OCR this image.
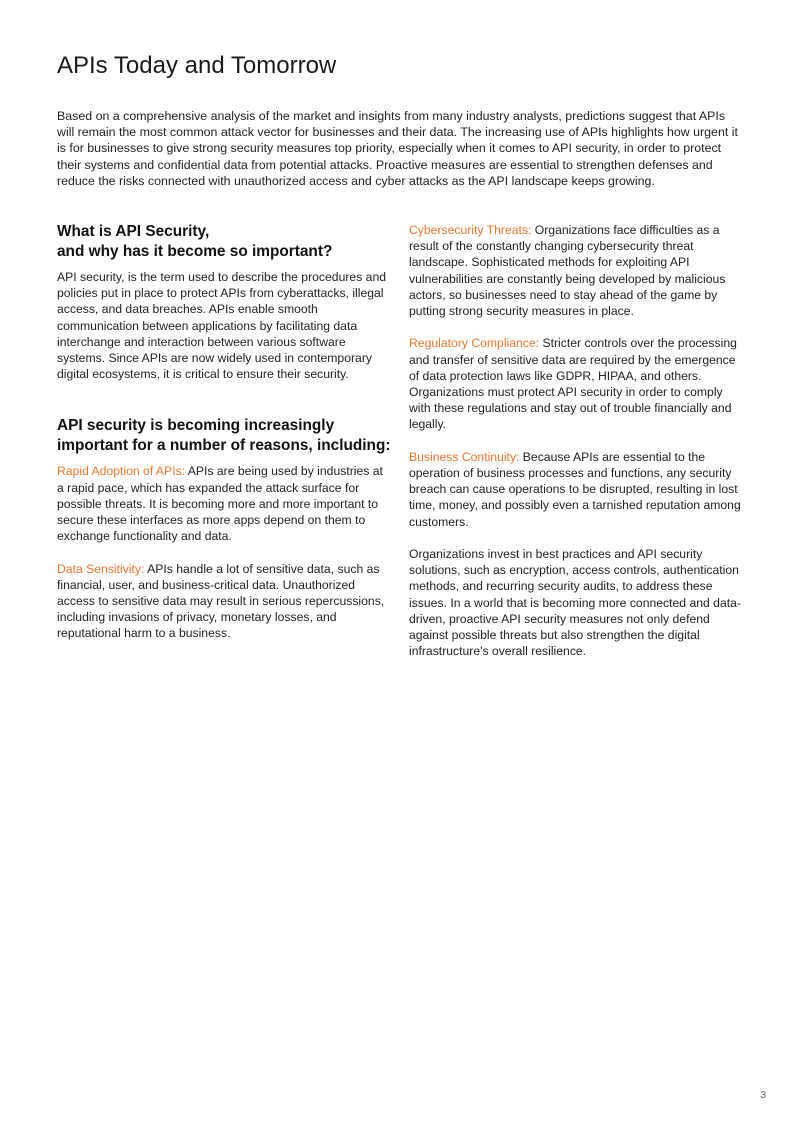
APIs Today and Tomorrow

Based on a comprehensive analysis of the market and insights from many industry analysts, predictions suggest that APIs will remain the most common attack vector for businesses and their data. The increasing use of APIs highlights how urgent it is for businesses to give strong security measures top priority, especially when it comes to API security, in order to protect their systems and confidential data from potential attacks. Proactive measures are essential to strengthen defenses and reduce the risks connected with unauthorized access and cyber attacks as the API landscape keeps growing.

What is API Security,
and why has it become so important?

API security, is the term used to describe the procedures and policies put in place to protect APIs from cyberattacks, illegal access, and data breaches. APIs enable smooth communication between applications by facilitating data interchange and interaction between various software systems. Since APIs are now widely used in contemporary digital ecosystems, it is critical to ensure their security.

API security is becoming increasingly
important for a number of reasons, including:

Rapid Adoption of APIs: APIs are being used by industries at a rapid pace, which has expanded the attack surface for possible threats. It is becoming more and more important to secure these interfaces as more apps depend on them to exchange functionality and data.

Data Sensitivity: APIs handle a lot of sensitive data, such as financial, user, and business-critical data. Unauthorized access to sensitive data may result in serious repercussions, including invasions of privacy, monetary losses, and reputational harm to a business.

Cybersecurity Threats: Organizations face difficulties as a result of the constantly changing cybersecurity threat landscape. Sophisticated methods for exploiting API vulnerabilities are constantly being developed by malicious actors, so businesses need to stay ahead of the game by putting strong security measures in place.

Regulatory Compliance: Stricter controls over the processing and transfer of sensitive data are required by the emergence of data protection laws like GDPR, HIPAA, and others. Organizations must protect API security in order to comply with these regulations and stay out of trouble financially and legally.

Business Continuity: Because APIs are essential to the operation of business processes and functions, any security breach can cause operations to be disrupted, resulting in lost time, money, and possibly even a tarnished reputation among customers.

Organizations invest in best practices and API security solutions, such as encryption, access controls, authentication methods, and recurring security audits, to address these issues. In a world that is becoming more connected and data-driven, proactive API security measures not only defend against possible threats but also strengthen the digital infrastructure's overall resilience.

3
